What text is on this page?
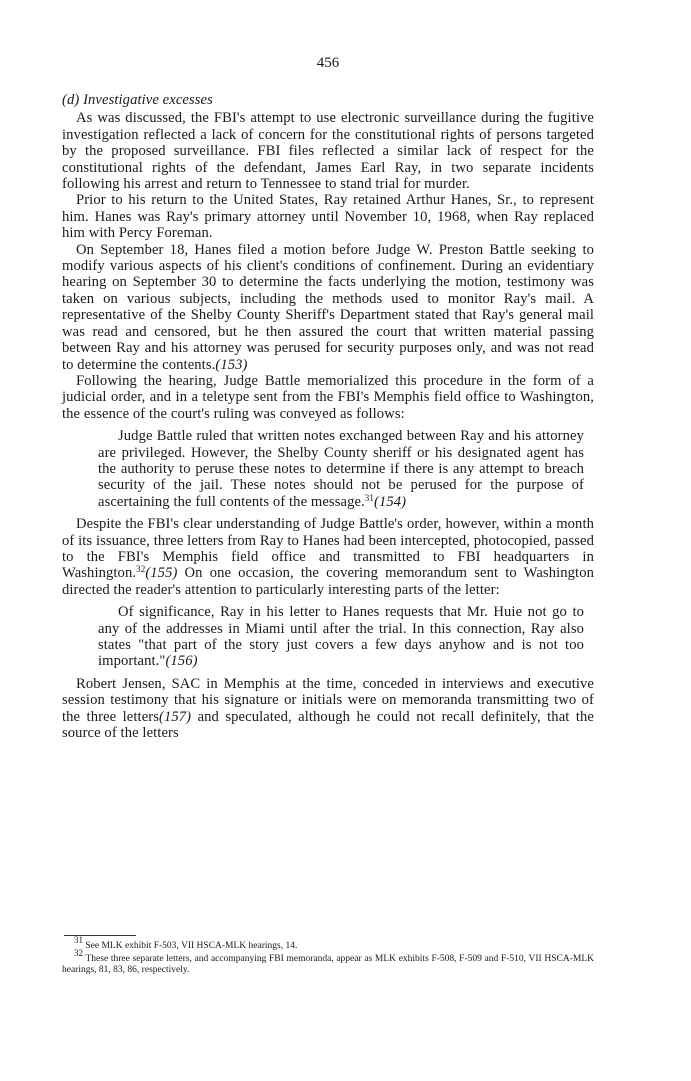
456
(d) Investigative excesses

As was discussed, the FBI's attempt to use electronic surveillance during the fugitive investigation reflected a lack of concern for the constitutional rights of persons targeted by the proposed surveillance. FBI files reflected a similar lack of respect for the constitutional rights of the defendant, James Earl Ray, in two separate incidents following his arrest and return to Tennessee to stand trial for murder.

Prior to his return to the United States, Ray retained Arthur Hanes, Sr., to represent him. Hanes was Ray's primary attorney until November 10, 1968, when Ray replaced him with Percy Foreman.

On September 18, Hanes filed a motion before Judge W. Preston Battle seeking to modify various aspects of his client's conditions of confinement. During an evidentiary hearing on September 30 to determine the facts underlying the motion, testimony was taken on various subjects, including the methods used to monitor Ray's mail. A representative of the Shelby County Sheriff's Department stated that Ray's general mail was read and censored, but he then assured the court that written material passing between Ray and his attorney was perused for security purposes only, and was not read to determine the contents.(153)

Following the hearing, Judge Battle memorialized this procedure in the form of a judicial order, and in a teletype sent from the FBI's Memphis field office to Washington, the essence of the court's ruling was conveyed as follows:

Judge Battle ruled that written notes exchanged between Ray and his attorney are privileged. However, the Shelby County sheriff or his designated agent has the authority to peruse these notes to determine if there is any attempt to breach security of the jail. These notes should not be perused for the purpose of ascertaining the full contents of the message.$^{31}$(154)

Despite the FBI's clear understanding of Judge Battle's order, however, within a month of its issuance, three letters from Ray to Hanes had been intercepted, photocopied, passed to the FBI's Memphis field office and transmitted to FBI headquarters in Washington.$^{32}$(155) On one occasion, the covering memorandum sent to Washington directed the reader's attention to particularly interesting parts of the letter:

Of significance, Ray in his letter to Hanes requests that Mr. Huie not go to any of the addresses in Miami until after the trial. In this connection, Ray also states "that part of the story just covers a few days anyhow and is not too important."(156)

Robert Jensen, SAC in Memphis at the time, conceded in interviews and executive session testimony that his signature or initials were on memoranda transmitting two of the three letters(157) and speculated, although he could not recall definitely, that the source of the letters

$^{31}$ See MLK exhibit F-503, VII HSCA-MLK hearings, 14.

$^{32}$ These three separate letters, and accompanying FBI memoranda, appear as MLK exhibits F-508, F-509 and F-510, VII HSCA-MLK hearings, 81, 83, 86, respectively.
